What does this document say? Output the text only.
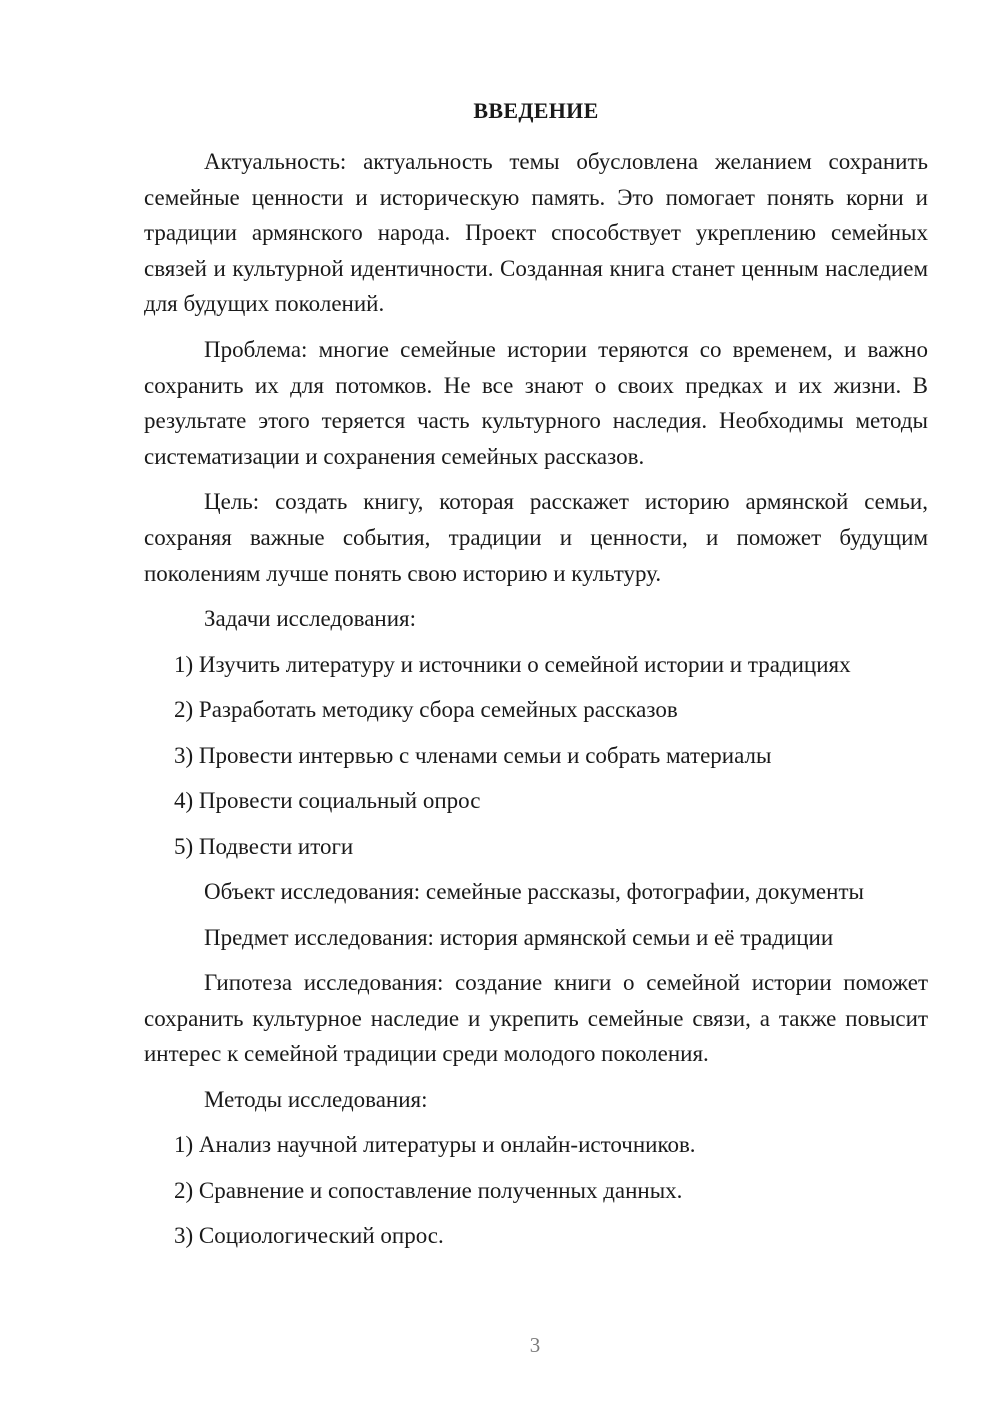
ВВЕДЕНИЕ

Актуальность: актуальность темы обусловлена желанием сохранить семейные ценности и историческую память. Это помогает понять корни и традиции армянского народа. Проект способствует укреплению семейных связей и культурной идентичности. Созданная книга станет ценным наследием для будущих поколений.

Проблема: многие семейные истории теряются со временем, и важно сохранить их для потомков. Не все знают о своих предках и их жизни. В результате этого теряется часть культурного наследия. Необходимы методы систематизации и сохранения семейных рассказов.

Цель: создать книгу, которая расскажет историю армянской семьи, сохраняя важные события, традиции и ценности, и поможет будущим поколениям лучше понять свою историю и культуру.

Задачи исследования:
1) Изучить литературу и источники о семейной истории и традициях
2) Разработать методику сбора семейных рассказов
3) Провести интервью с членами семьи и собрать материалы
4) Провести социальный опрос
5) Подвести итоги
Объект исследования: семейные рассказы, фотографии, документы
Предмет исследования: история армянской семьи и её традиции

Гипотеза исследования: создание книги о семейной истории поможет сохранить культурное наследие и укрепить семейные связи, а также повысит интерес к семейной традиции среди молодого поколения.

Методы исследования:
1) Анализ научной литературы и онлайн-источников.
2) Сравнение и сопоставление полученных данных.
3) Социологический опрос.
3
